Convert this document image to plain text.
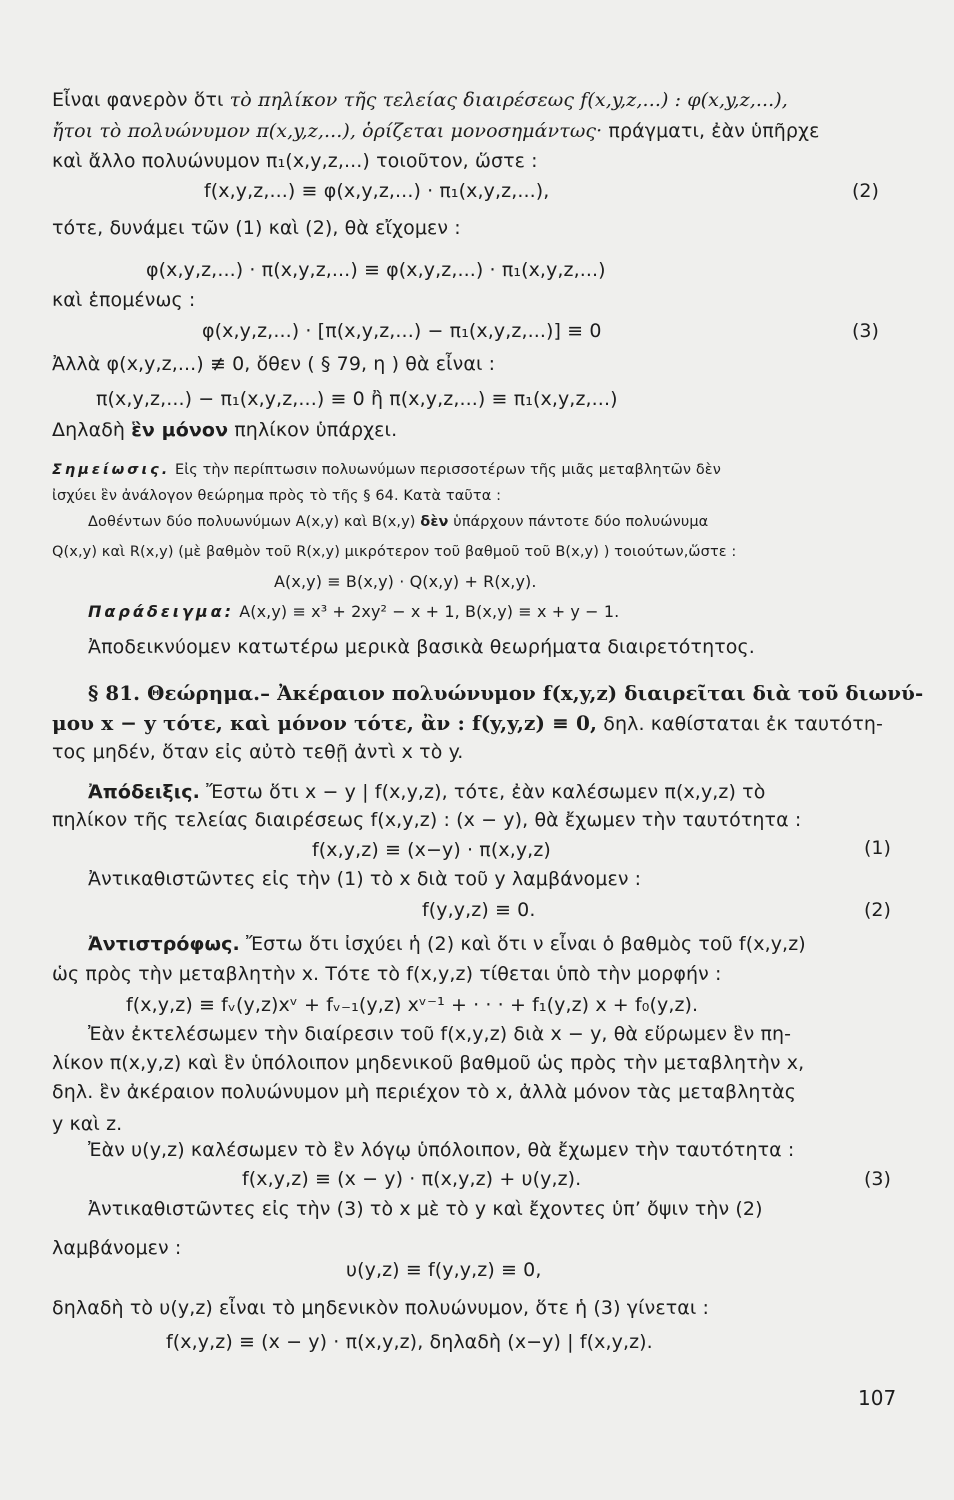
Εἶναι φανερὸν ὅτι τὸ πηλίκον τῆς τελείας διαιρέσεως f(x,y,z,...) : φ(x,y,z,...),
ἤτοι τὸ πολυώνυμον π(x,y,z,...), ὁρίζεται μονοσημάντως· πράγματι, ἐὰν ὑπῆρχε
καὶ ἄλλο πολυώνυμον π₁(x,y,z,...) τοιοῦτον, ὥστε :
f(x,y,z,...) ≡ φ(x,y,z,...) · π₁(x,y,z,...),	(2)
τότε, δυνάμει τῶν (1) καὶ (2), θὰ εἴχομεν :
φ(x,y,z,...) · π(x,y,z,...) ≡ φ(x,y,z,...) · π₁(x,y,z,...)
καὶ ἑπομένως :
φ(x,y,z,...) · [π(x,y,z,...) − π₁(x,y,z,...)] ≡ 0	(3)
Ἀλλὰ φ(x,y,z,...) ≢ 0, ὅθεν ( § 79, η ) θὰ εἶναι :
π(x,y,z,...) − π₁(x,y,z,...) ≡ 0 ἢ π(x,y,z,...) ≡ π₁(x,y,z,...)
Δηλαδὴ ἓν μόνον πηλίκον ὑπάρχει.
Σημείωσις. Εἰς τὴν περίπτωσιν πολυωνύμων περισσοτέρων τῆς μιᾶς μεταβλητῶν δὲν
ἰσχύει ἓν ἀνάλογον θεώρημα πρὸς τὸ τῆς § 64. Κατὰ ταῦτα :
Δοθέντων δύο πολυωνύμων A(x,y) καὶ B(x,y) δὲν ὑπάρχουν πάντοτε δύο πολυώνυμα
Q(x,y) καὶ R(x,y) (μὲ βαθμὸν τοῦ R(x,y) μικρότερον τοῦ βαθμοῦ τοῦ B(x,y) ) τοιούτων,ὥστε :
A(x,y) ≡ B(x,y) · Q(x,y) + R(x,y).
Παράδειγμα: A(x,y) ≡ x³ + 2xy² − x + 1, B(x,y) ≡ x + y − 1.
Ἀποδεικνύομεν κατωτέρω μερικὰ βασικὰ θεωρήματα διαιρετότητος.
§ 81. Θεώρημα.– Ἀκέραιον πολυώνυμον f(x,y,z) διαιρεῖται διὰ τοῦ διωνύ-
μου x − y τότε, καὶ μόνον τότε, ἂν : f(y,y,z) ≡ 0, δηλ. καθίσταται ἐκ ταυτότη-
τος μηδέν, ὅταν εἰς αὐτὸ τεθῇ ἀντὶ x τὸ y.
Ἀπόδειξις. Ἔστω ὅτι x − y | f(x,y,z), τότε, ἐὰν καλέσωμεν π(x,y,z) τὸ
πηλίκον τῆς τελείας διαιρέσεως f(x,y,z) : (x − y), θὰ ἔχωμεν τὴν ταυτότητα :
f(x,y,z) ≡ (x−y) · π(x,y,z)	(1)
Ἀντικαθιστῶντες εἰς τὴν (1) τὸ x διὰ τοῦ y λαμβάνομεν :
f(y,y,z) ≡ 0.	(2)
Ἀντιστρόφως. Ἔστω ὅτι ἰσχύει ἡ (2) καὶ ὅτι ν εἶναι ὁ βαθμὸς τοῦ f(x,y,z)
ὡς πρὸς τὴν μεταβλητὴν x. Τότε τὸ f(x,y,z) τίθεται ὑπὸ τὴν μορφήν :
f(x,y,z) ≡ fᵥ(y,z)xᵛ + fᵥ₋₁(y,z) xᵛ⁻¹ + · · · + f₁(y,z) x + f₀(y,z).
Ἐὰν ἐκτελέσωμεν τὴν διαίρεσιν τοῦ f(x,y,z) διὰ x − y, θὰ εὕρωμεν ἓν πη-
λίκον π(x,y,z) καὶ ἓν ὑπόλοιπον μηδενικοῦ βαθμοῦ ὡς πρὸς τὴν μεταβλητὴν x,
δηλ. ἓν ἀκέραιον πολυώνυμον μὴ περιέχον τὸ x, ἀλλὰ μόνον τὰς μεταβλητὰς
y καὶ z.
Ἐὰν υ(y,z) καλέσωμεν τὸ ἓν λόγῳ ὑπόλοιπον, θὰ ἔχωμεν τὴν ταυτότητα :
f(x,y,z) ≡ (x − y) · π(x,y,z) + υ(y,z).	(3)
Ἀντικαθιστῶντες εἰς τὴν (3) τὸ x μὲ τὸ y καὶ ἔχοντες ὑπ’ ὄψιν τὴν (2)
λαμβάνομεν :
υ(y,z) ≡ f(y,y,z) ≡ 0,
δηλαδὴ τὸ υ(y,z) εἶναι τὸ μηδενικὸν πολυώνυμον, ὅτε ἡ (3) γίνεται :
f(x,y,z) ≡ (x − y) · π(x,y,z), δηλαδὴ (x−y) | f(x,y,z).
107
